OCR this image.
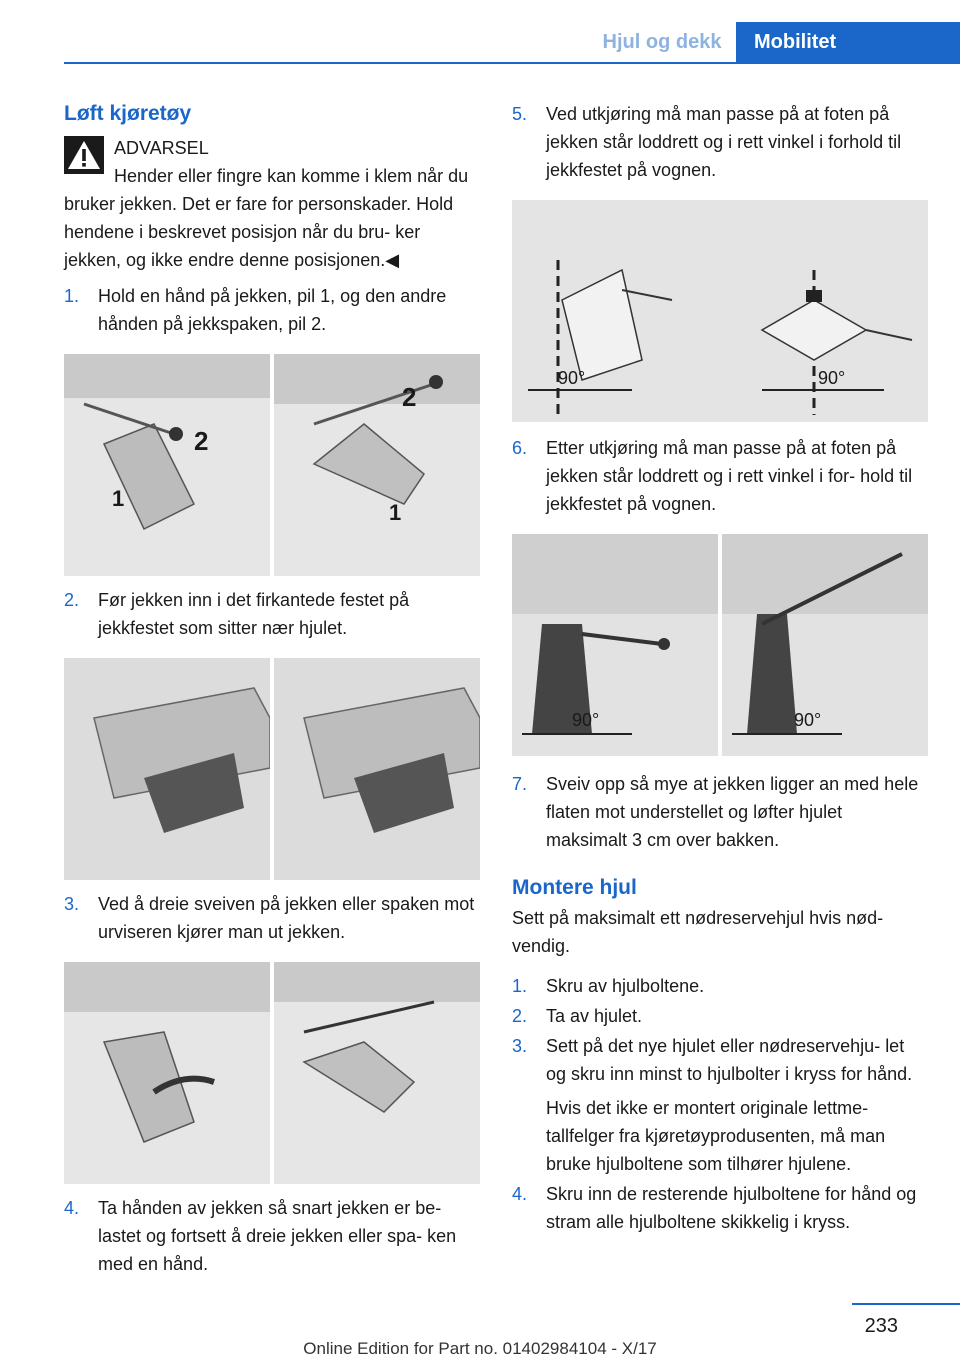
Hjul og dekk	Mobilitet
Løft kjøretøy
ADVARSEL
Hender eller fingre kan komme i klem når du bruker jekken. Det er fare for personskader. Hold hendene i beskrevet posisjon når du bru‐ ker jekken, og ikke endre denne posisjonen.◀
1. Hold en hånd på jekken, pil 1, og den andre hånden på jekkspaken, pil 2.
2
1
2
1
2. Før jekken inn i det firkantede festet på jekkfestet som sitter nær hjulet.
3. Ved å dreie sveiven på jekken eller spaken mot urviseren kjører man ut jekken.
4. Ta hånden av jekken så snart jekken er be‐ lastet og fortsett å dreie jekken eller spa‐ ken med en hånd.
5. Ved utkjøring må man passe på at foten på jekken står loddrett og i rett vinkel i forhold til jekkfestet på vognen.
90°	90°
6. Etter utkjøring må man passe på at foten på jekken står loddrett og i rett vinkel i for‐ hold til jekkfestet på vognen.
90°	90°
7. Sveiv opp så mye at jekken ligger an med hele flaten mot understellet og løfter hjulet maksimalt 3 cm over bakken.
Montere hjul

Sett på maksimalt ett nødreservehjul hvis nød‐ vendig.

1. Skru av hjulboltene.
2. Ta av hjulet.
3. Sett på det nye hjulet eller nødreservehju‐ let og skru inn minst to hjulbolter i kryss for hånd.
Hvis det ikke er montert originale lettme‐ tallfelger fra kjøretøyprodusenten, må man bruke hjulboltene som tilhører hjulene.
4. Skru inn de resterende hjulboltene for hånd og stram alle hjulboltene skikkelig i kryss.
233
Online Edition for Part no. 01402984104 - X/17
